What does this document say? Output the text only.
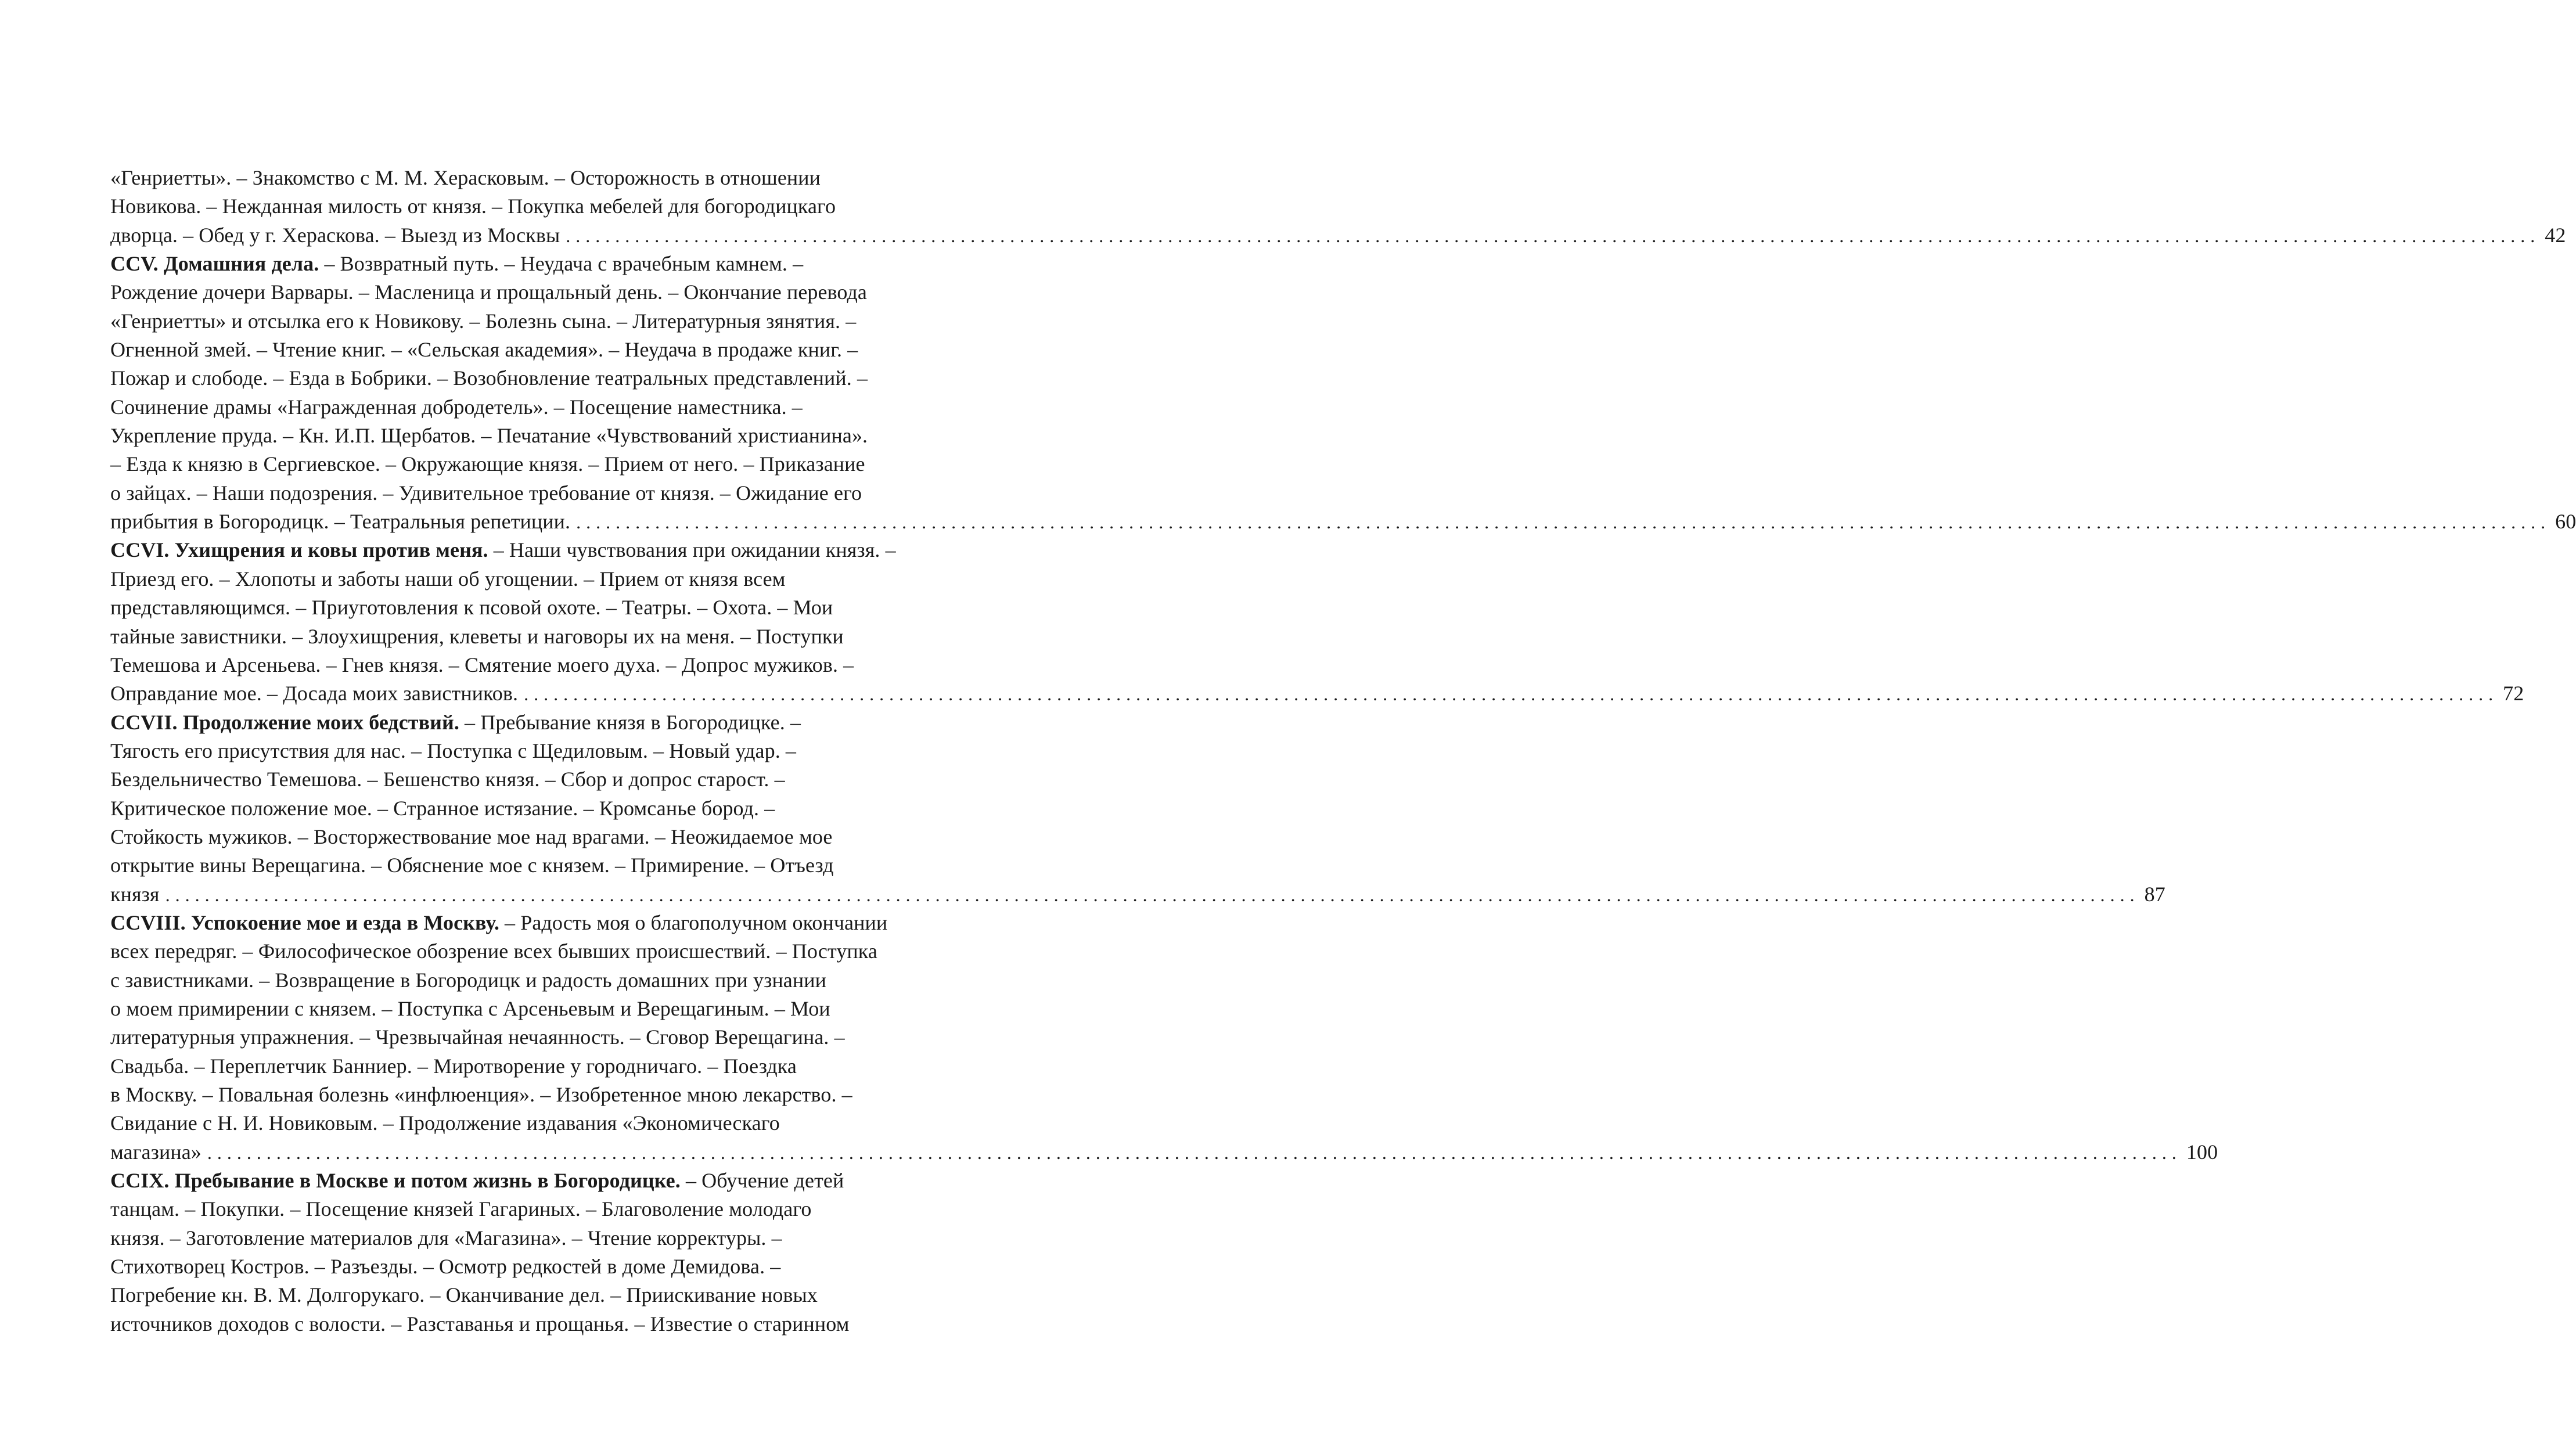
«Генриетты». – Знакомство с М. М. Херасковым. – Осторожность в отношении
Новикова. – Нежданная милость от князя. – Покупка мебелей для богородицкаго
дворца. – Обед у г. Хераскова. – Выезд из Москвы ........................................................................................................................................................................................................ 42
CCV. Домашния дела. – Возвратный путь. – Неудача с врачебным камнем. –
Рождение дочери Варвары. – Масленица и прощальный день. – Окончание перевода
«Генриетты» и отсылка его к Новикову. – Болезнь сына. – Литературныя зянятия. –
Огненной змей. – Чтение книг. – «Сельская академия». – Неудача в продаже книг. –
Пожар и слободе. – Езда в Бобрики. – Возобновление театральных представлений. –
Сочинение драмы «Награжденная добродетель». – Посещение наместника. –
Укрепление пруда. – Кн. И.П. Щербатов. – Печатание «Чувствований христианина».
– Езда к князю в Сергиевское. – Окружающие князя. – Прием от него. – Приказание
о зайцах. – Наши подозрения. – Удивительное требование от князя. – Ожидание его
прибытия в Богородицк. – Театральныя репетиции. ........................................................................................................................................................................................................ 60
CCVI. Ухищрения и ковы против меня. – Наши чувствования при ожидании князя. –
Приезд его. – Хлопоты и заботы наши об угощении. – Прием от князя всем
представляющимся. – Приуготовления к псовой охоте. – Театры. – Охота. – Мои
тайные завистники. – Злоухищрения, клеветы и наговоры их на меня. – Поступки
Темешова и Арсеньева. – Гнев князя. – Смятение моего духа. – Допрос мужиков. –
Оправдание мое. – Досада моих завистников. ........................................................................................................................................................................................................ 72
CCVII. Продолжение моих бедствий. – Пребывание князя в Богородицке. –
Тягость его присутствия для нас. – Поступка с Щедиловым. – Новый удар. –
Бездельничество Темешова. – Бешенство князя. – Сбор и допрос старост. –
Критическое положение мое. – Странное истязание. – Кромсанье бород. –
Стойкость мужиков. – Восторжествование мое над врагами. – Неожидаемое мое
открытие вины Верещагина. – Обяснение мое с князем. – Примирение. – Отъезд
князя ........................................................................................................................................................................................................ 87
CCVIII. Успокоение мое и езда в Москву. – Радость моя о благополучном окончании
всех передряг. – Философическое обозрение всех бывших происшествий. – Поступка
с завистниками. – Возвращение в Богородицк и радость домашних при узнании
о моем примирении с князем. – Поступка с Арсеньевым и Верещагиным. – Мои
литературныя упражнения. – Чрезвычайная нечаянность. – Сговор Верещагина. –
Свадьба. – Переплетчик Банниер. – Миротворение у городничаго. – Поездка
в Москву. – Повальная болезнь «инфлюенция». – Изобретенное мною лекарство. –
Свидание с Н. И. Новиковым. – Продолжение издавания «Экономическаго
магазина» ........................................................................................................................................................................................................ 100
CCIX. Пребывание в Москве и потом жизнь в Богородицке. – Обучение детей
танцам. – Покупки. – Посещение князей Гагариных. – Благоволение молодаго
князя. – Заготовление материалов для «Магазина». – Чтение корректуры. –
Стихотворец Костров. – Разъезды. – Осмотр редкостей в доме Демидова. –
Погребение кн. В. М. Долгорукаго. – Оканчивание дел. – Приискивание новых
источников доходов с волости. – Разставанья и прощанья. – Известие о старинном
